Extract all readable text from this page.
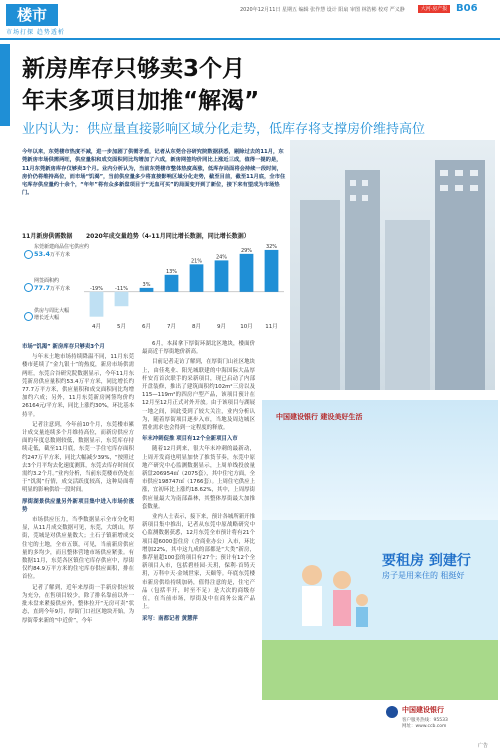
楼市
市场打探 趋势透析
2020年12月11日 星期五 编辑 张作慧 设计 阳扇 审图 林浩彬 校对 严义静	大河·房产报 B06
新房库存只够卖3个月
年末多项目加推“解渴”
业内认为：供应量直接影响区域分化走势，低库存将支撑房价维持高位
今年以来，东莞楼市热度不减，进一步加剧了供需矛盾，记者从东莞合谷研究院数据获悉，剔除过去的11月，东莞新房市场供需两旺，供应量积和成交面积同比均增加了六成，新房网签均价同比上涨近三成，值得一提的是，11月东莞新房库存仅够卖3个月。业内分析认为，当前东莞楼市整体热度高涨，低库存局面将会持续一段时间，房价仍将维持高位，而市场“饥渴”，当前供应量多少将直接影响区域分化走势，截至目前，截至11月底，全市住宅库存供应量约十余个，“年年”将有众多新盘项目于“无血可买”的局面变开到了新位，接下来有望成为市场热门。
11月新房供需数据 2020年成交量趋势（4-11月同比增长数据，同比增长数据）
东莞新建商品住宅供应约
53.4万平方米
网签面积约
77.7万平方米
供房与周比大幅
增长近大幅
-19%
4月
-11%
5月
3%
6月
13%
7月
21%
8月
24%
9月
29%
10月
32%
11月

市场“饥渴” 新房库存只够卖3个月

与年末土地市场持续降温不同，11月东莞楼市延续了“金九银十”的热度，新房市场供需两旺，东莞合谷研究院数据显示，今年11月东莞新房供应量积约53.4万平方米，同比增长约77.7万平方米，供应量积和成交面积同比均增加约六成；另外，11月东莞新房网签均价约26164元/平方米，同比上涨约30%，环比基本持平。

记者注意到，今年前10个月，东莞楼市累计成交量连续多个月维持高位，而新房供应方面的年度总数则较低，数据显示，东莞库存持续走低，截至11月底，东莞一手住宅库存面积约247万平方米，同比大幅减少39%，“按照过去3个月平均去化速度测算，东莞去库存时间仅需约3.2个月。”业内分析，当前东莞楼市仍处在于“饥渴”行情，成交活跃度较高，这种局面将明显的影响供给一段时间。

厚街湖景供应量另外新项目集中进入市场价涨势

市场供应压力，当季数据显示全市分化明显，从11月成交数据可见，东莞，大朗山，厚街，莞城是对供应量数大；土石子镇新增成交住宅的土地，全市五镇，可见，当前新房供应量的多均少，而且整体营地市场供应紧张。有数据11月，东莞各区镇住宅库存供应中，厚街仅约84.9万平方米的住宅库存供应面积，排在首位。

记者了解到，近年来厚街一手新房供应较为充分，在售项目较少，除了排名靠前以外一批未盘来紧接供应外，整体拉开“无房可卖”状态，直到今年9月，厚街门口社区地块开始，为厚街带来新的“中近价”，今年

6月，本届拿下厚街环湖北区地块，楼面价最高近千厚街地价新高。

目前记者走访了解到，在厚街门山社区地块上，由佳兆业、阳光城联建的中海国际大品厚杆安育首次联手的采新项目，现已启动了内部开盘装修，推出了建筑面积约102m²三房以及115—119m²的四房户型产品，该项目预计在12月至12月正式对外开放。由于该项目与湖展一地之间，因此受到了较大关注，业内分析认为，随着厚街项目逐步入市，当地及周边城区置业需求也会得到一定程度的释放。

年末冲刺促推 项目有12个全新项目入市

随着12月到来，很大年末冲刺的最新动，上周开发商也明显加快了推货节奏，东莞中原地产研究中心监测数据显示，上周单线投放量新盘206954㎡（2075套），其中住宅方面，全市供应198747㎡（1766套）。上周住宅供应上涨，宜初环比上涨约18.62%，其中，上周厚街供应量最大为南部森林，其整体厚街最大加推套数量。

业内人士表示，接下来，预计各城所新开推新项目集中推出，记者从东莞中原战略研究中心监测数据获悉，12月东莞全市预计将有21个项目超6000套住房（含商业办公）入市，环比增加22%，其中这九成的部都是“大类”新房，推荐量超100套的项目有27个；预计有12个全新项目入市，包括碧桂园·天玥，保利·首铸天玥，万科中天·金域世家，天颐等。年底东莞楼市新房供给持续加码，值得注意的是，住宅产品（包括半开，时至不足）是大次的商级存在，在当前市场，厚街及中在商务公寓产品上。

采写：南都记者 黄慧萍

中国建设银行 建设美好生活
要租房 到建行
房子是用来住的 租挺好
中国建设银行
客户服务热线：95533
网址：www.ccb.com
广告
